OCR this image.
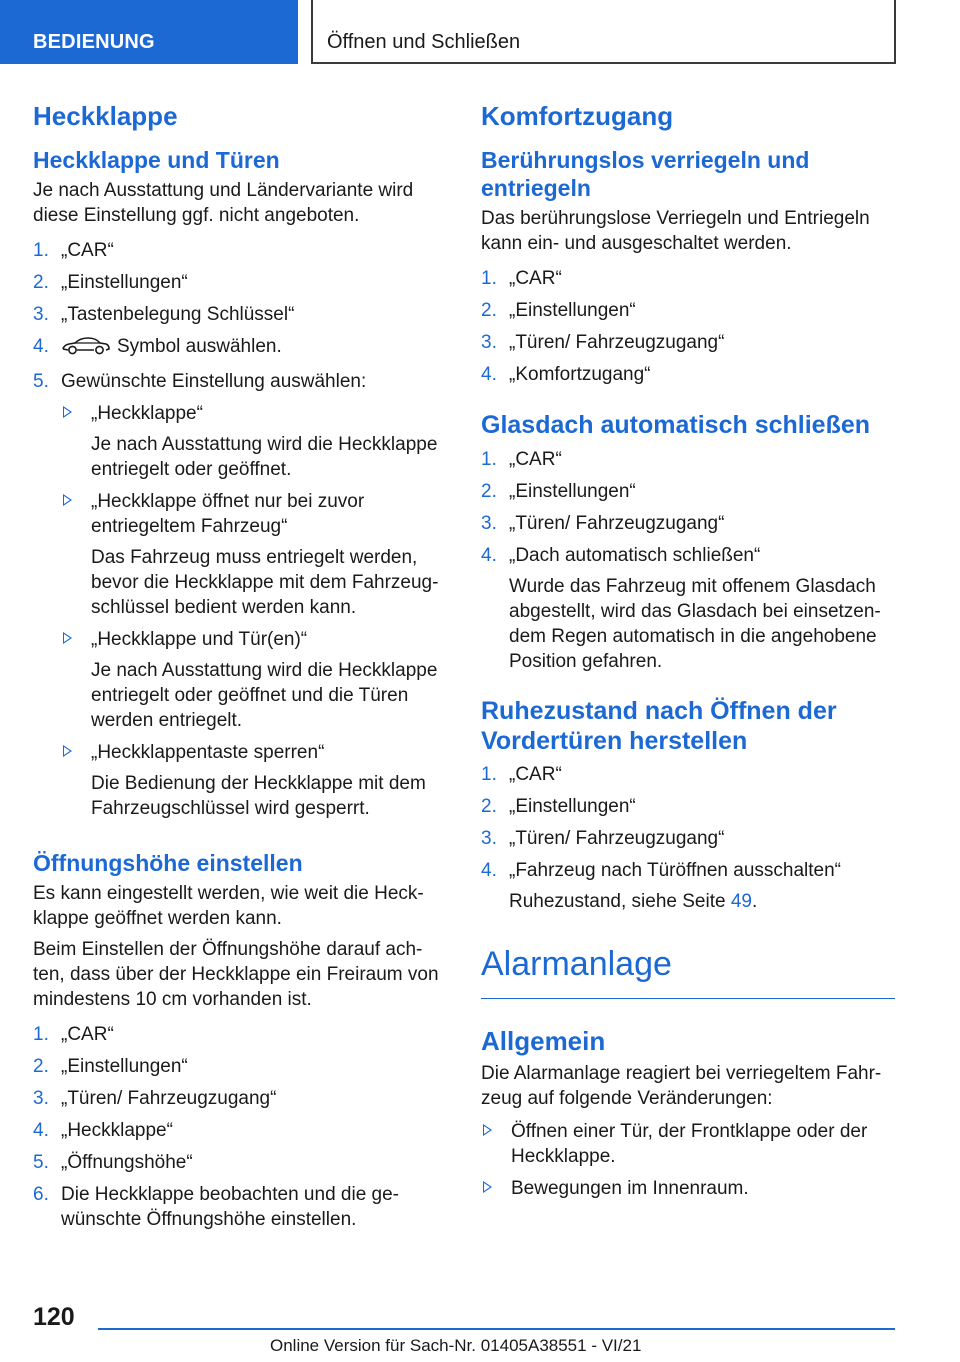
BEDIENUNG	Öffnen und Schließen
Heckklappe
Heckklappe und Türen
Je nach Ausstattung und Ländervariante wird diese Einstellung ggf. nicht angeboten.
1. „CAR“
2. „Einstellungen“
3. „Tastenbelegung Schlüssel“
4.	Symbol auswählen.
5. Gewünschte Einstellung auswählen:
„Heckklappe“
Je nach Ausstattung wird die Heckklappe entriegelt oder geöffnet.
„Heckklappe öffnet nur bei zuvor entriegeltem Fahrzeug“
Das Fahrzeug muss entriegelt werden, bevor die Heckklappe mit dem Fahrzeug-schlüssel bedient werden kann.
„Heckklappe und Tür(en)“
Je nach Ausstattung wird die Heckklappe entriegelt oder geöffnet und die Türen werden entriegelt.
„Heckklappentaste sperren“
Die Bedienung der Heckklappe mit dem Fahrzeugschlüssel wird gesperrt.
Öffnungshöhe einstellen
Es kann eingestellt werden, wie weit die Heck-klappe geöffnet werden kann.
Beim Einstellen der Öffnungshöhe darauf ach-ten, dass über der Heckklappe ein Freiraum von mindestens 10 cm vorhanden ist.
1. „CAR“
2. „Einstellungen“
3. „Türen/ Fahrzeugzugang“
4. „Heckklappe“
5. „Öffnungshöhe“
6. Die Heckklappe beobachten und die ge-wünschte Öffnungshöhe einstellen.
Komfortzugang
Berührungslos verriegeln und entriegeln
Das berührungslose Verriegeln und Entriegeln kann ein- und ausgeschaltet werden.
1. „CAR“
2. „Einstellungen“
3. „Türen/ Fahrzeugzugang“
4. „Komfortzugang“
Glasdach automatisch schließen
1. „CAR“
2. „Einstellungen“
3. „Türen/ Fahrzeugzugang“
4. „Dach automatisch schließen“
Wurde das Fahrzeug mit offenem Glasdach abgestellt, wird das Glasdach bei einsetzen-dem Regen automatisch in die angehobene Position gefahren.
Ruhezustand nach Öffnen der Vordertüren herstellen
1. „CAR“
2. „Einstellungen“
3. „Türen/ Fahrzeugzugang“
4. „Fahrzeug nach Türöffnen ausschalten“
Ruhezustand, siehe Seite 49.
Alarmanlage
Allgemein
Die Alarmanlage reagiert bei verriegeltem Fahr-zeug auf folgende Veränderungen:
Öffnen einer Tür, der Frontklappe oder der Heckklappe.
Bewegungen im Innenraum.
120
Online Version für Sach-Nr. 01405A38551 - VI/21
